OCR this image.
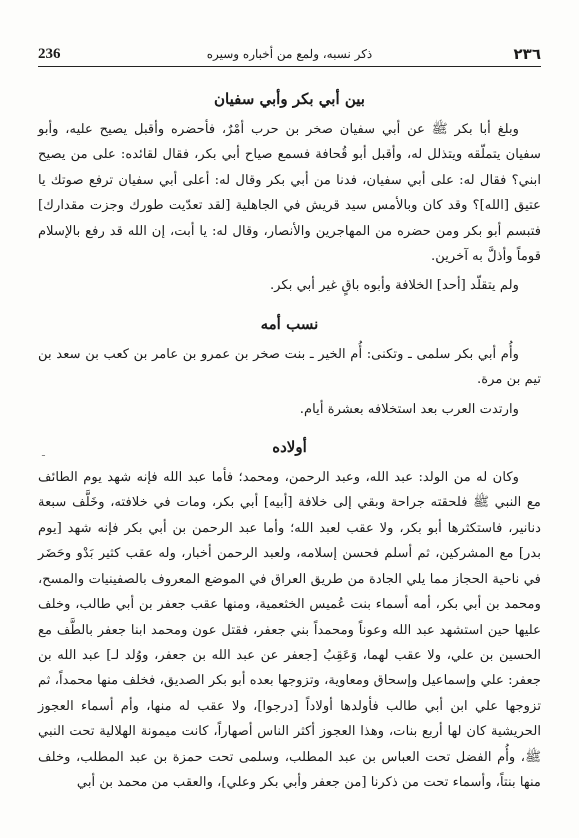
236	ذكر نسبه، ولمع من أخباره وسيره	٢٣٦
بين أبي بكر وأبي سفيان

وبلغ أبا بكر ﷺ عن أبي سفيان صخر بن حرب أمْرٌ، فأحضره وأقبل يصيح عليه، وأبو سفيان يتملّقه ويتذلل له، وأقبل أبو قُحافة فسمع صياح أبي بكر، فقال لقائده: على من يصيح ابني؟ فقال له: على أبي سفيان، فدنا من أبي بكر وقال له: أعلى أبي سفيان ترفع صوتك يا عتيق [الله]؟ وقد كان وبالأمس سيد قريش في الجاهلية [لقد تعدّيت طورك وجزت مقدارك] فتبسم أبو بكر ومن حضره من المهاجرين والأنصار، وقال له: يا أبت، إن الله قد رفع بالإسلام قوماً وأذلَّ به آخرين.

ولم يتقلّد [أحد] الخلافة وأبوه باقٍ غير أبي بكر.

نسب أمه

وأُم أبي بكر سلمى ـ وتكنى: أُم الخير ـ بنت صخر بن عمرو بن عامر بن كعب بن سعد بن تيم بن مرة.

وارتدت العرب بعد استخلافه بعشرة أيام.

أولاده

وكان له من الولد: عبد الله، وعبد الرحمن، ومحمد؛ فأما عبد الله فإنه شهد يوم الطائف مع النبي ﷺ فلحقته جراحة وبقي إلى خلافة [أبيه] أبي بكر، ومات في خلافته، وخَلَّف سبعة دنانير، فاستكثرها أبو بكر، ولا عقب لعبد الله؛ وأما عبد الرحمن بن أبي بكر فإنه شهد [يوم بدر] مع المشركين، ثم أسلم فحسن إسلامه، ولعبد الرحمن أخبار، وله عقب كثير بَدْو وحَضَر في ناحية الحجاز مما يلي الجادة من طريق العراق في الموضع المعروف بالصفينيات والمسح، ومحمد بن أبي بكر، أمه أسماء بنت عُميس الخثعمية، ومنها عقب جعفر بن أبي طالب، وخلف عليها حين استشهد عبد الله وعوناً ومحمداً بني جعفر، فقتل عون ومحمد ابنا جعفر بالطَّف مع الحسين بن علي، ولا عقب لهما، وَعَقِبُ [جعفر عن عبد الله بن جعفر، ووُلد لـ] عبد الله بن جعفر: علي وإسماعيل وإسحاق ومعاوية، وتزوجها بعده أبو بكر الصديق، فخلف منها محمداً، ثم تزوجها علي ابن أبي طالب فأولدها أولاداً [درجوا]، ولا عقب له منها، وأم أسماء العجوز الحريشية كان لها أربع بنات، وهذا العجوز أكثر الناس أصهاراً، كانت ميمونة الهلالية تحت النبي ﷺ، وأُم الفضل تحت العباس بن عبد المطلب، وسلمى تحت حمزة بن عبد المطلب، وخلف منها بنتاً، وأسماء تحت من ذكرنا [من جعفر وأبي بكر وعلي]، والعقب من محمد بن أبي

ـ
